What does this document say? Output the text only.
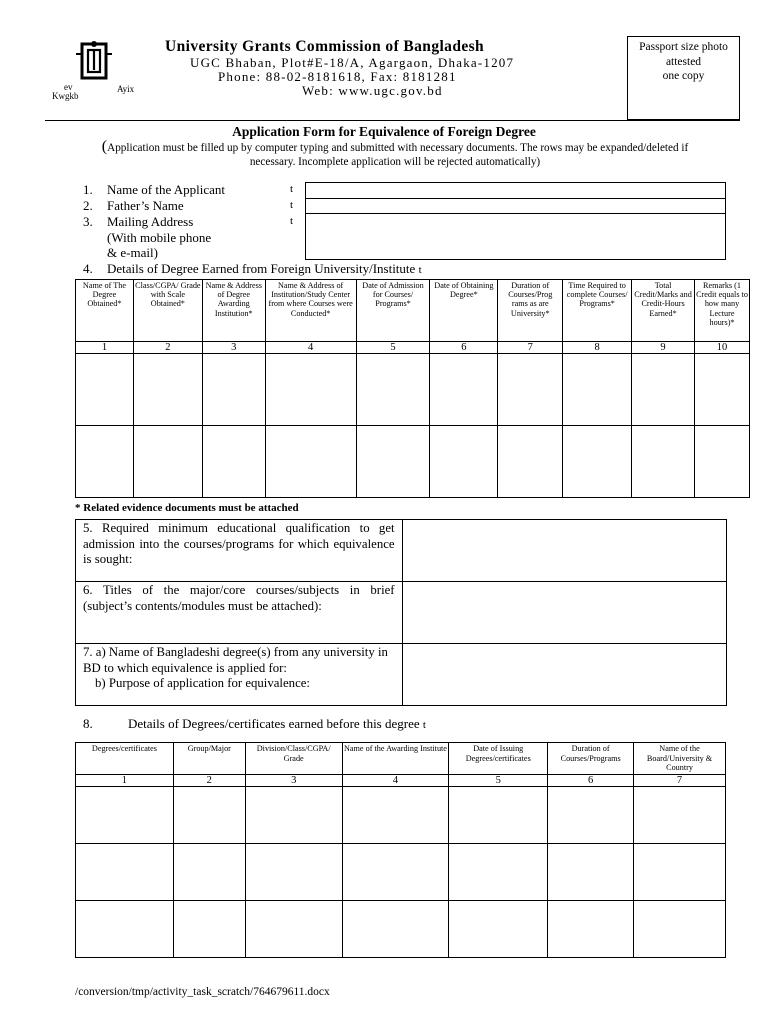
ev
Kwgkb
Ayix
University Grants Commission of Bangladesh
UGC Bhaban, Plot#E-18/A, Agargaon, Dhaka-1207
Phone: 88-02-8181618, Fax: 8181281
Web: www.ugc.gov.bd
Passport size photo
attested
one copy
Application Form for Equivalence of Foreign Degree
(Application must be filled up by computer typing and submitted with necessary documents. The rows may be expanded/deleted if necessary. Incomplete application will be rejected automatically)
1. Name of the Applicant	t
2. Father’s Name	t
3. Mailing Address
(With mobile phone
& e-mail)
t
4. Details of Degree Earned from Foreign University/Institute t
Name of The Degree Obtained*	Class/CGPA/ Grade with Scale Obtained*	Name & Address of Degree Awarding Institution*	Name & Address of Institution/Study Center from where Courses were Conducted*	Date of Admission for Courses/ Programs*	Date of Obtaining Degree*	Duration of Courses/Prog rams as are University*	Time Required to complete Courses/ Programs*	Total Credit/Marks and Credit-Hours Earned*	Remarks (1 Credit equals to how many Lecture hours)*
1	2	3	4	5	6	7	8	9	10

* Related evidence documents must be attached
5. Required minimum educational qualification to get admission into the courses/programs for which equivalence is sought:	
6. Titles of the major/core courses/subjects in brief (subject’s contents/modules must be attached):	

7. a) Name of Bangladeshi degree(s) from any university in BD to which equivalence is applied for:
b) Purpose of application for equivalence:	

8.	Details of Degrees/certificates earned before this degree t
Degrees/certificates	Group/Major	Division/Class/CGPA/ Grade	Name of the Awarding Institute	Date of Issuing Degrees/certificates	Duration of Courses/Programs	Name of the Board/University & Country
1	2	3	4	5	6	7

/conversion/tmp/activity_task_scratch/764679611.docx
